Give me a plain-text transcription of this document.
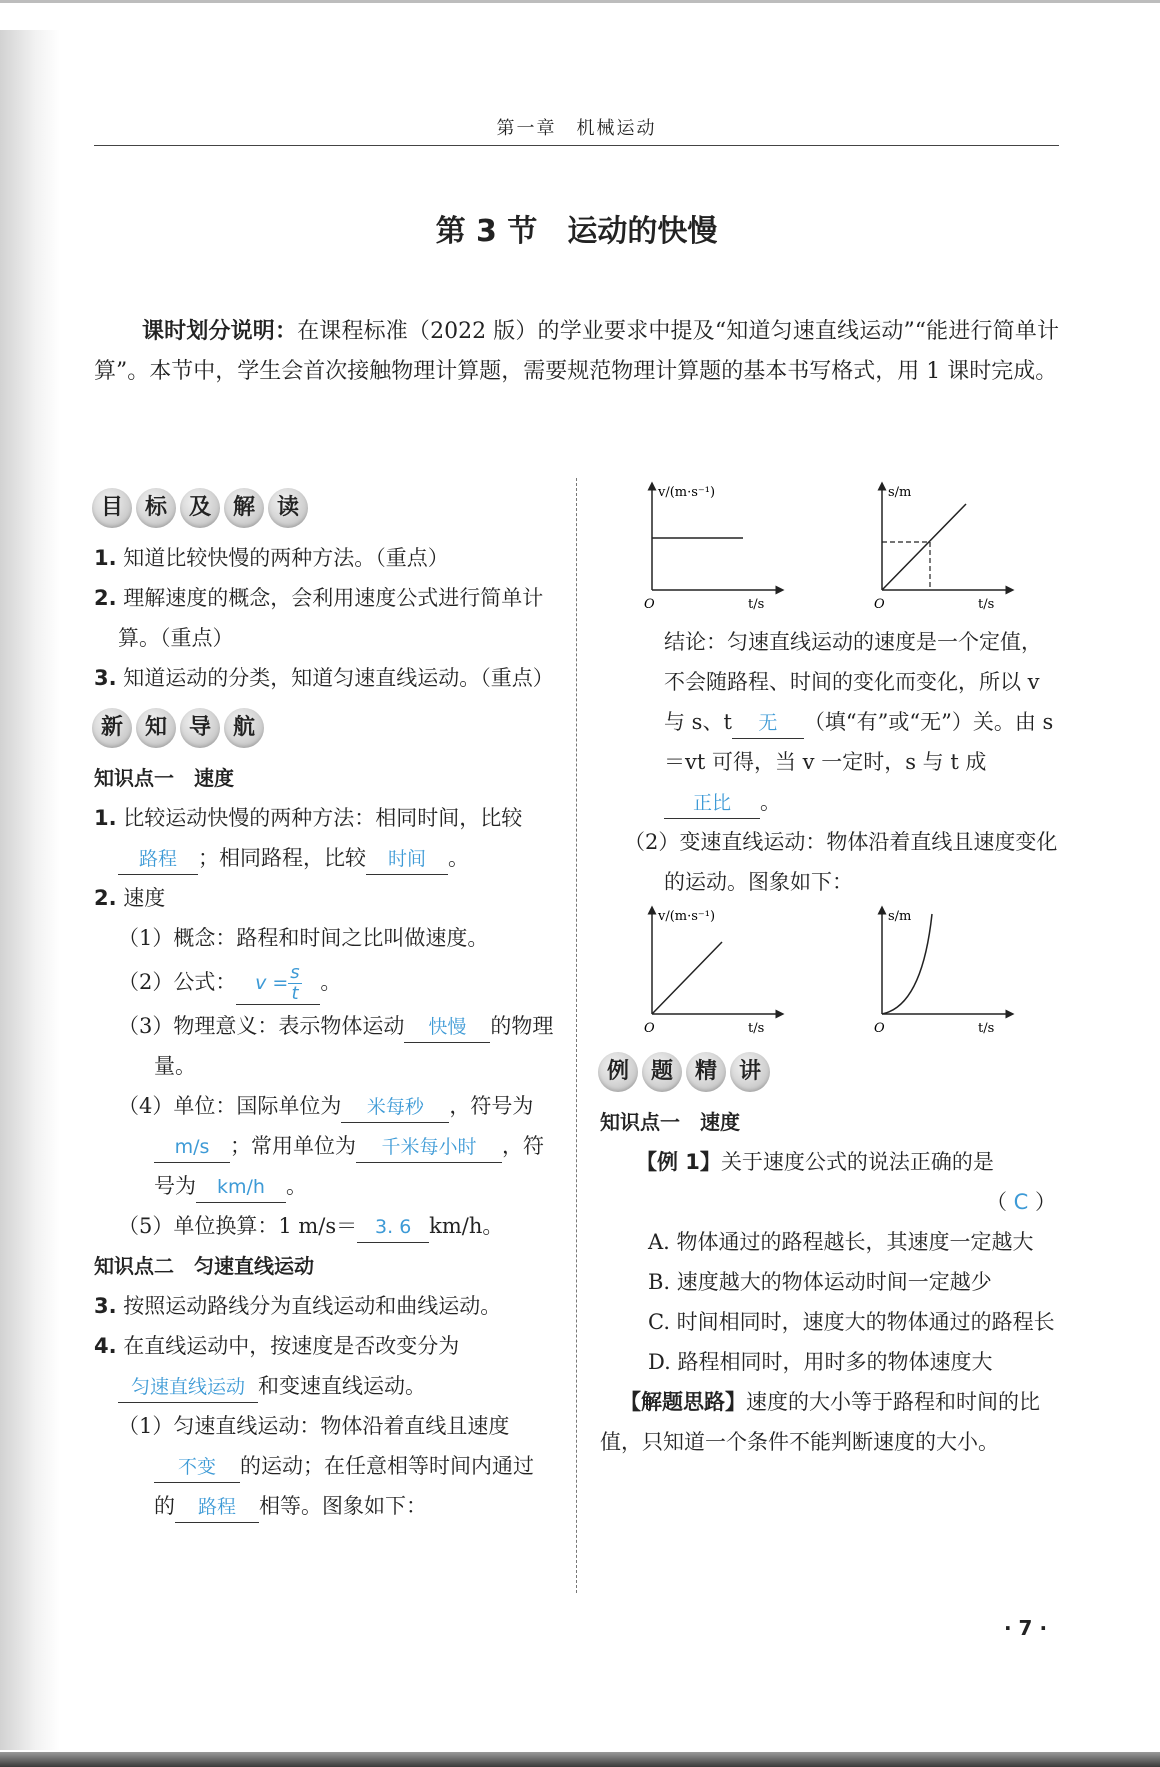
第一章　机械运动
第 3 节　运动的快慢
课时划分说明：在课程标准（2022 版）的学业要求中提及“知道匀速直线运动”“能进行简单计算”。本节中，学生会首次接触物理计算题，需要规范物理计算题的基本书写格式，用 1 课时完成。
目 标 及 解 读
1. 知道比较快慢的两种方法。（重点）
2. 理解速度的概念，会利用速度公式进行简单计算。（重点）
3. 知道运动的分类，知道匀速直线运动。（重点）
新 知 导 航
知识点一　速度
1. 比较运动快慢的两种方法：相同时间，比较路程 ；相同路程，比较 时间 。
2. 速度
（1）概念：路程和时间之比叫做速度。
（2）公式： $v = \frac{s}{t}$ 。
（3）物理意义：表示物体运动 快慢 的物理量。
（4）单位：国际单位为 米每秒 ，符号为m/s ；常用单位为 千米每小时 ，符号为 km/h 。
（5）单位换算：1 m/s＝ 3. 6 km/h。
知识点二　匀速直线运动
3. 按照运动路线分为直线运动和曲线运动。
4. 在直线运动中，按速度是否改变分为匀速直线运动 和变速直线运动。
（1）匀速直线运动：物体沿着直线且速度不变 的运动；在任意相等时间内通过的 路程 相等。图象如下：
v/(m·s⁻¹)
t/s
O
s/m
t/s
O
结论：匀速直线运动的速度是一个定值，不会随路程、时间的变化而变化，所以 v 与 s、t 无 （填“有”或“无”）关。由 s＝vt 可得，当 v 一定时，s 与 t 成正比 。
（2）变速直线运动：物体沿着直线且速度变化的运动。图象如下：
v/(m·s⁻¹)
t/s
O
s/m
t/s
O
例 题 精 讲
知识点一　速度
【例 1】关于速度公式的说法正确的是
（ C ）
A. 物体通过的路程越长，其速度一定越大
B. 速度越大的物体运动时间一定越少
C. 时间相同时，速度大的物体通过的路程长
D. 路程相同时，用时多的物体速度大
【解题思路】速度的大小等于路程和时间的比值，只知道一个条件不能判断速度的大小。
· 7 ·
